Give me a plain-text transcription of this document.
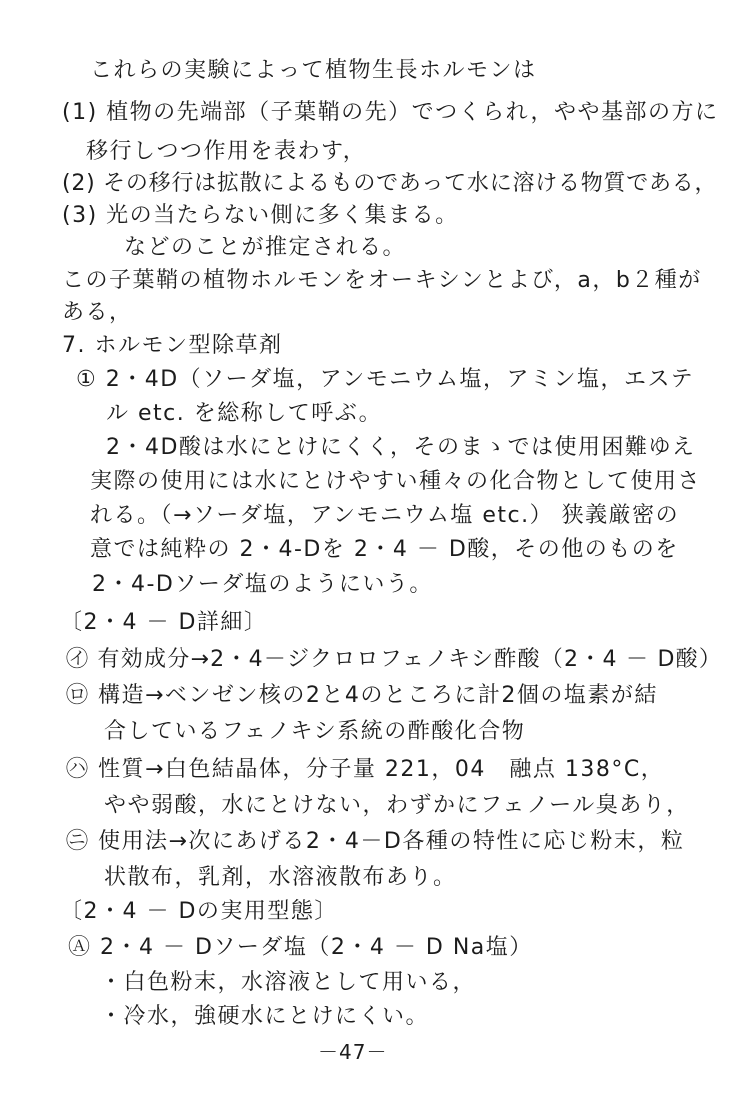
これらの実験によって植物生長ホルモンは
(1) 植物の先端部（子葉鞘の先）でつくられ，やや基部の方に
移行しつつ作用を表わす，
(2) その移行は拡散によるものであって水に溶ける物質である，
(3) 光の当たらない側に多く集まる。
などのことが推定される。
この子葉鞘の植物ホルモンをオーキシンとよび，a，b２種が
ある，
7. ホルモン型除草剤
① 2・4D（ソーダ塩，アンモニウム塩，アミン塩，エステ
ル etc. を総称して呼ぶ。
2・4D酸は水にとけにくく，そのまゝでは使用困難ゆえ
実際の使用には水にとけやすい種々の化合物として使用さ
れる。（→ソーダ塩，アンモニウム塩 etc.） 狭義厳密の
意では純粋の 2・4-Dを 2・4 － D酸，その他のものを
2・4-Dソーダ塩のようにいう。
〔2・4 － D詳細〕
㋑ 有効成分→2・4－ジクロロフェノキシ酢酸（2・4 － D酸）
㋺ 構造→ベンゼン核の2と4のところに計2個の塩素が結
合しているフェノキシ系統の酢酸化合物
㋩ 性質→白色結晶体，分子量 221，04　融点 138°C，
やや弱酸，水にとけない，わずかにフェノール臭あり，
㋥ 使用法→次にあげる2・4－D各種の特性に応じ粉末，粒
状散布，乳剤，水溶液散布あり。
〔2・4 － Dの実用型態〕
Ⓐ 2・4 － Dソーダ塩（2・4 － D Na塩）
・白色粉末，水溶液として用いる，
・冷水，強硬水にとけにくい。
－47－
